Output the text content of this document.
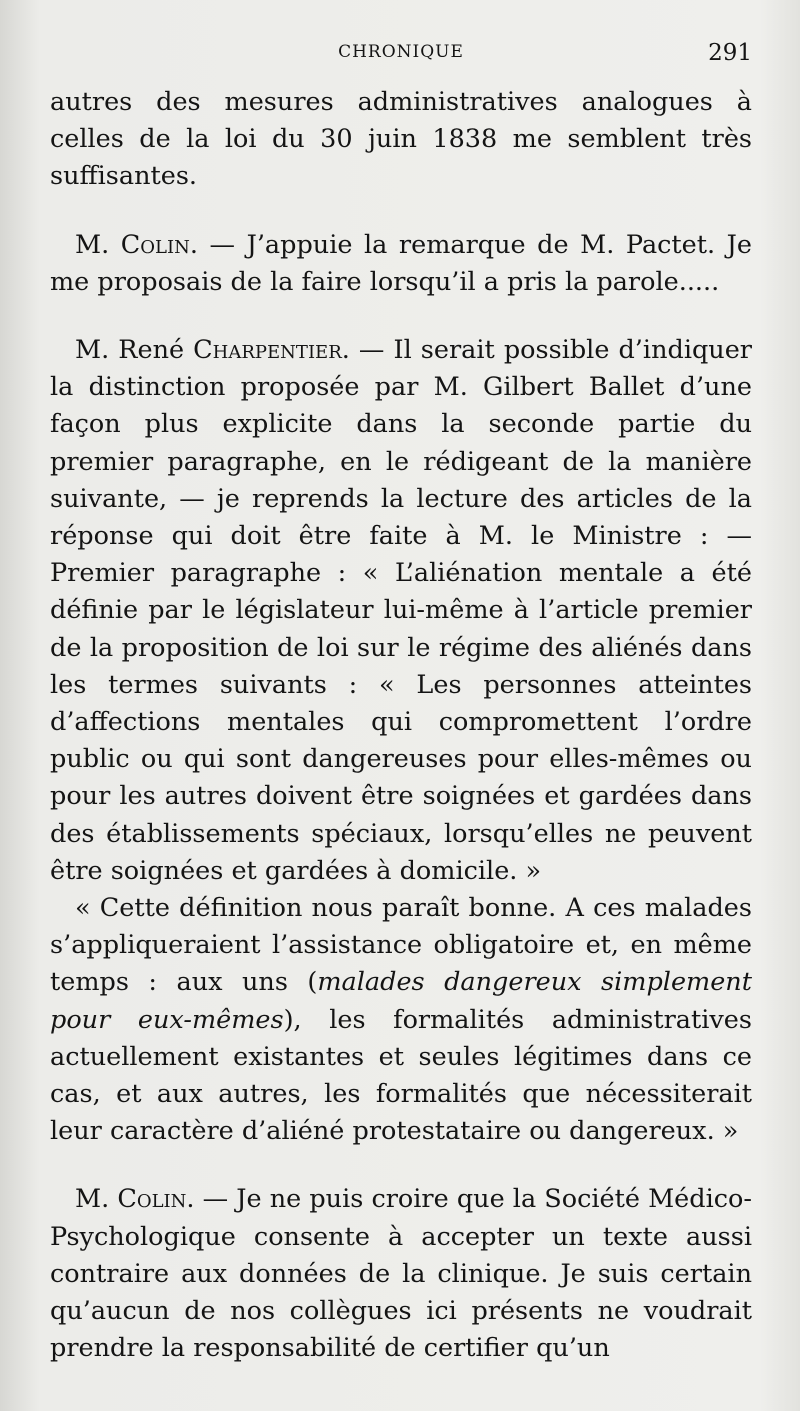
CHRONIQUE	291

autres des mesures administratives analogues à celles de la loi du 30 juin 1838 me semblent très suffisantes.

M. Colin. — J’appuie la remarque de M. Pactet. Je me proposais de la faire lorsqu’il a pris la parole.....

M. René Charpentier. — Il serait possible d’indiquer la distinction proposée par M. Gilbert Ballet d’une façon plus explicite dans la seconde partie du premier paragraphe, en le rédigeant de la manière suivante, — je reprends la lecture des articles de la réponse qui doit être faite à M. le Ministre : — Premier paragraphe : « L’aliénation mentale a été définie par le législateur lui-même à l’article premier de la proposition de loi sur le régime des aliénés dans les termes suivants : « Les personnes atteintes d’affections mentales qui compromettent l’ordre public ou qui sont dangereuses pour elles-mêmes ou pour les autres doivent être soignées et gardées dans des établissements spéciaux, lorsqu’elles ne peuvent être soignées et gardées à domicile. »

« Cette définition nous paraît bonne. A ces malades s’appliqueraient l’assistance obligatoire et, en même temps : aux uns (malades dangereux simplement pour eux-mêmes), les formalités administratives actuellement existantes et seules légitimes dans ce cas, et aux autres, les formalités que nécessiterait leur caractère d’aliéné protestataire ou dangereux. »

M. Colin. — Je ne puis croire que la Société Médico-Psychologique consente à accepter un texte aussi contraire aux données de la clinique. Je suis certain qu’aucun de nos collègues ici présents ne voudrait prendre la responsabilité de certifier qu’un
